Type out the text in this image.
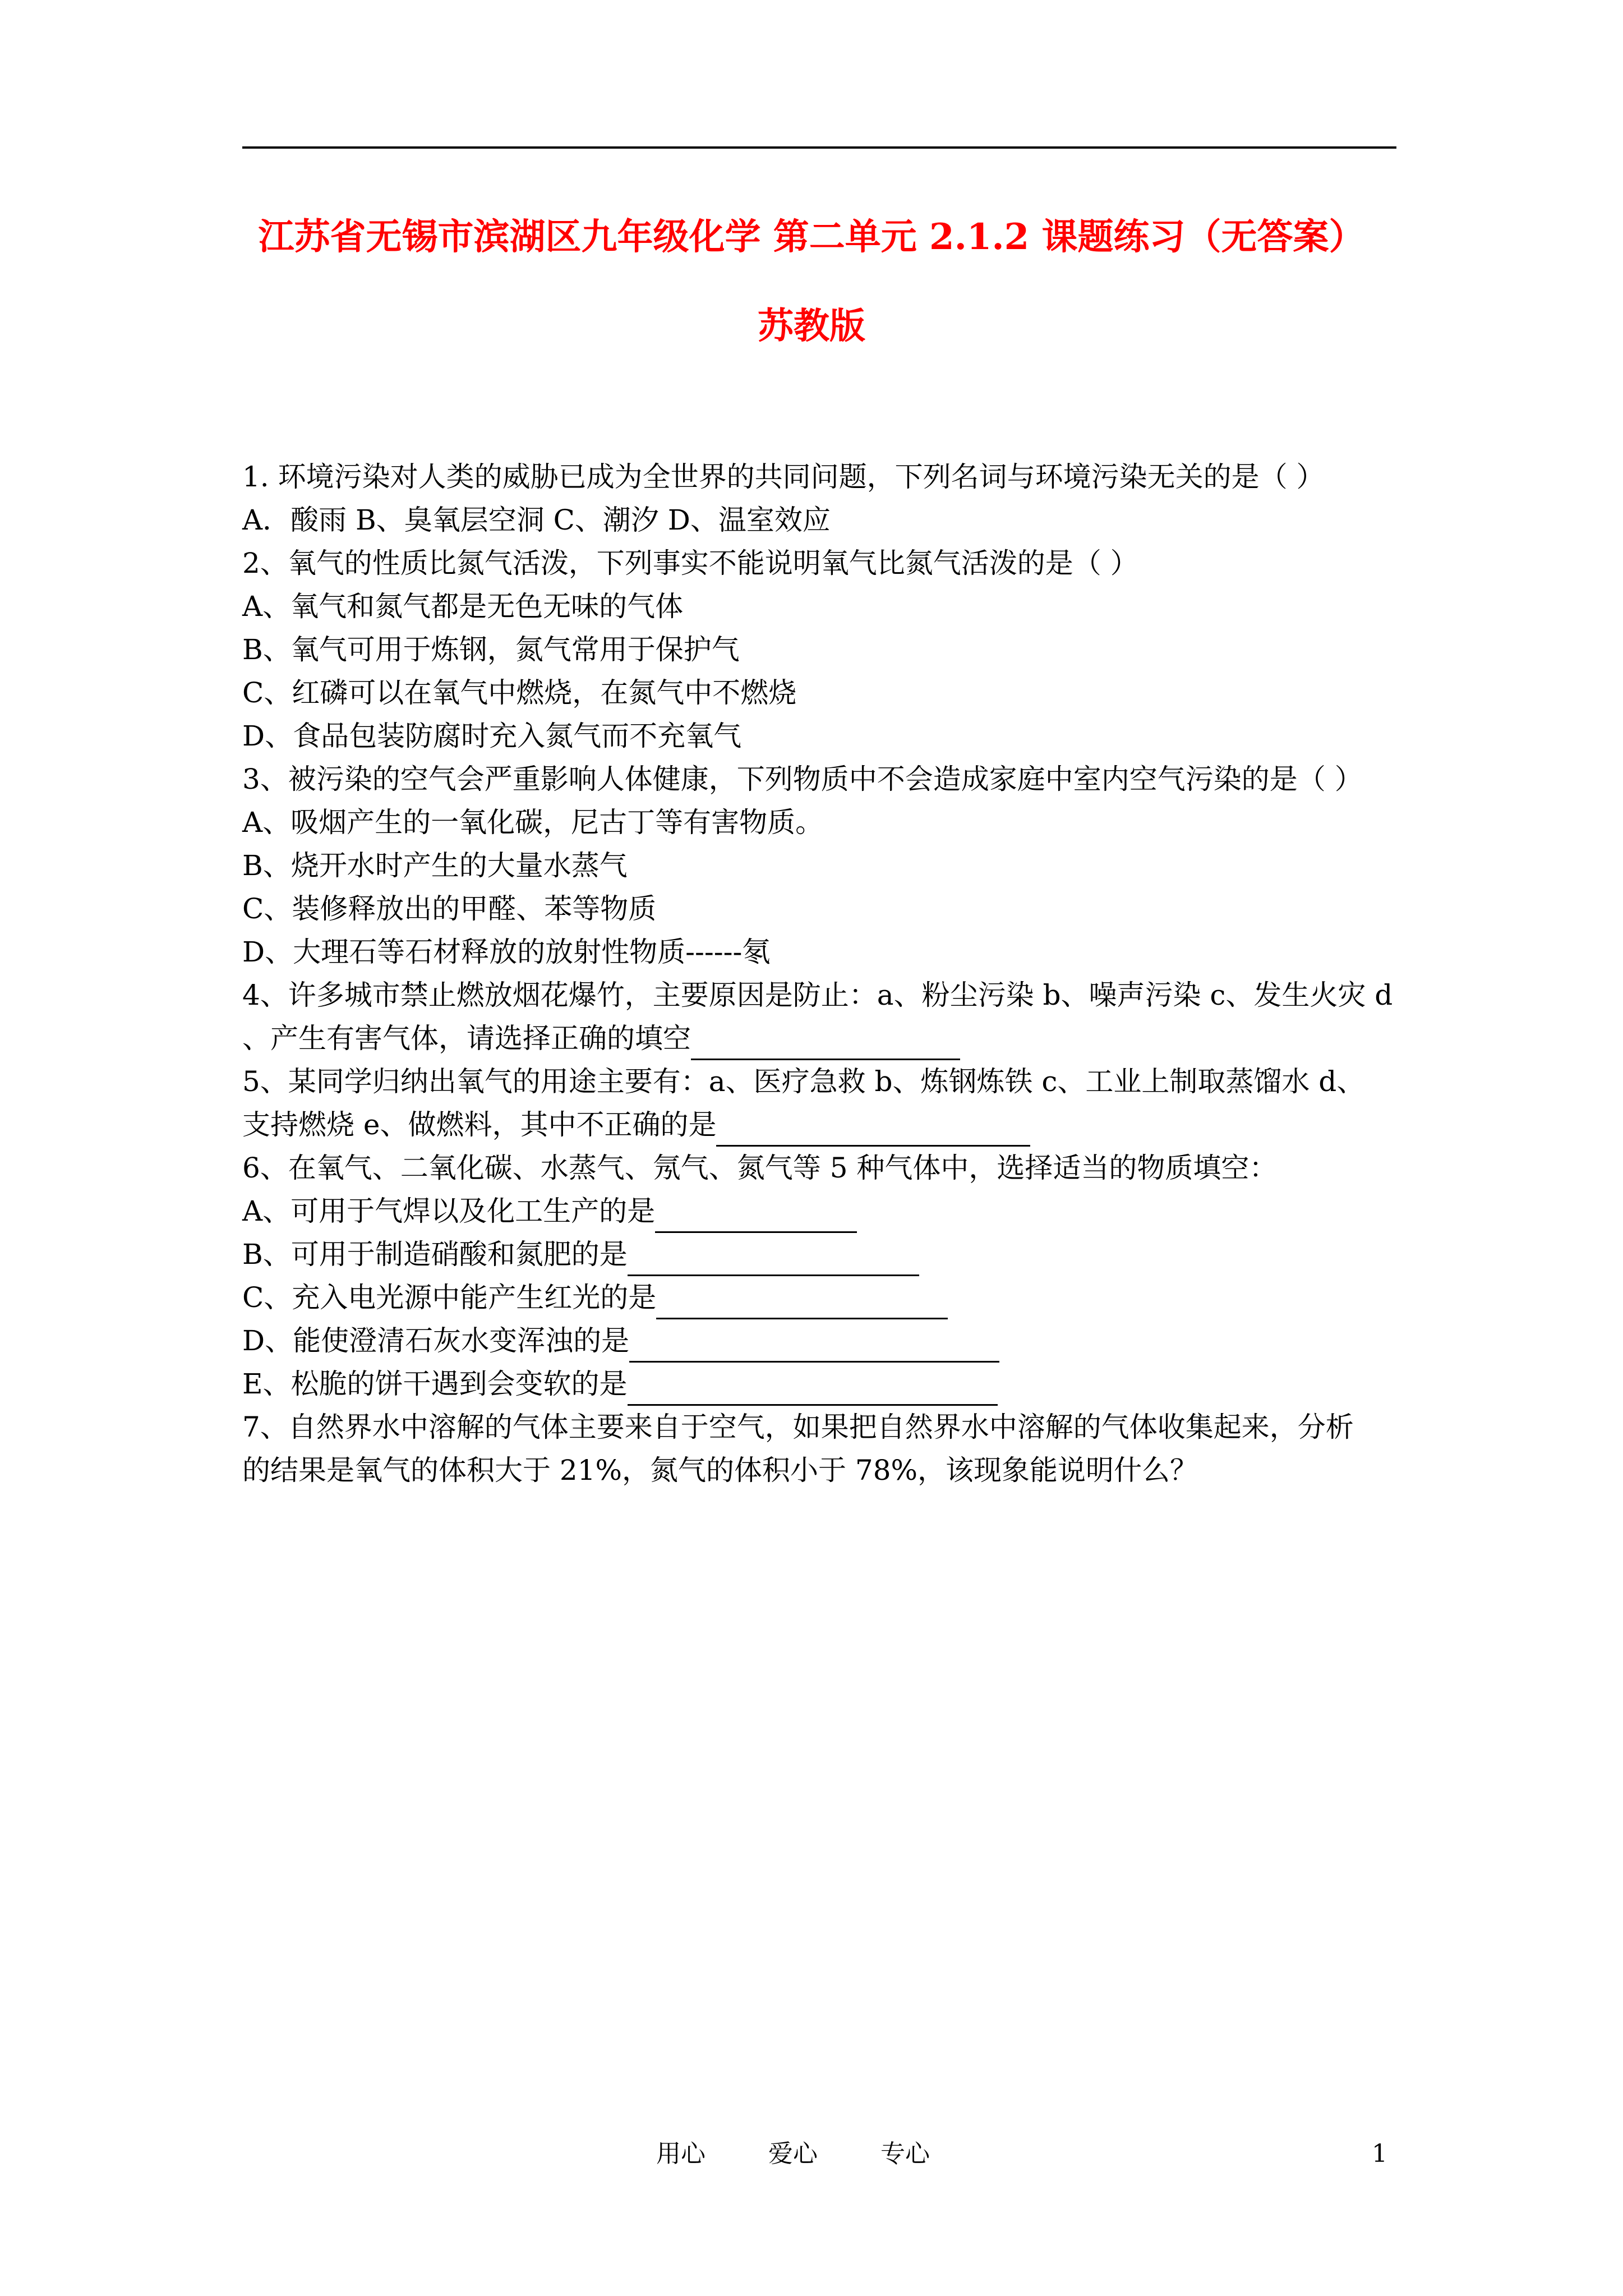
江苏省无锡市滨湖区九年级化学 第二单元 2.1.2 课题练习（无答案）
苏教版
1. 环境污染对人类的威胁已成为全世界的共同问题，下列名词与环境污染无关的是（ ）
A．酸雨 B、臭氧层空洞 C、潮汐 D、温室效应
2、氧气的性质比氮气活泼，下列事实不能说明氧气比氮气活泼的是（ ）
A、氧气和氮气都是无色无味的气体
B、氧气可用于炼钢，氮气常用于保护气
C、红磷可以在氧气中燃烧，在氮气中不燃烧
D、食品包装防腐时充入氮气而不充氧气
3、被污染的空气会严重影响人体健康，下列物质中不会造成家庭中室内空气污染的是（ ）
A、吸烟产生的一氧化碳，尼古丁等有害物质。
B、烧开水时产生的大量水蒸气
C、装修释放出的甲醛、苯等物质
D、大理石等石材释放的放射性物质------氡
4、许多城市禁止燃放烟花爆竹，主要原因是防止：a、粉尘污染 b、噪声污染 c、发生火灾 d
、产生有害气体，请选择正确的填空
5、某同学归纳出氧气的用途主要有：a、医疗急救 b、炼钢炼铁 c、工业上制取蒸馏水 d、
支持燃烧 e、做燃料，其中不正确的是
6、在氧气、二氧化碳、水蒸气、氖气、氮气等 5 种气体中，选择适当的物质填空：
A、可用于气焊以及化工生产的是
B、可用于制造硝酸和氮肥的是
C、充入电光源中能产生红光的是
D、能使澄清石灰水变浑浊的是
E、松脆的饼干遇到会变软的是
7、自然界水中溶解的气体主要来自于空气，如果把自然界水中溶解的气体收集起来，分析
的结果是氧气的体积大于 21%，氮气的体积小于 78%，该现象能说明什么？
用心	爱心	专心	1
